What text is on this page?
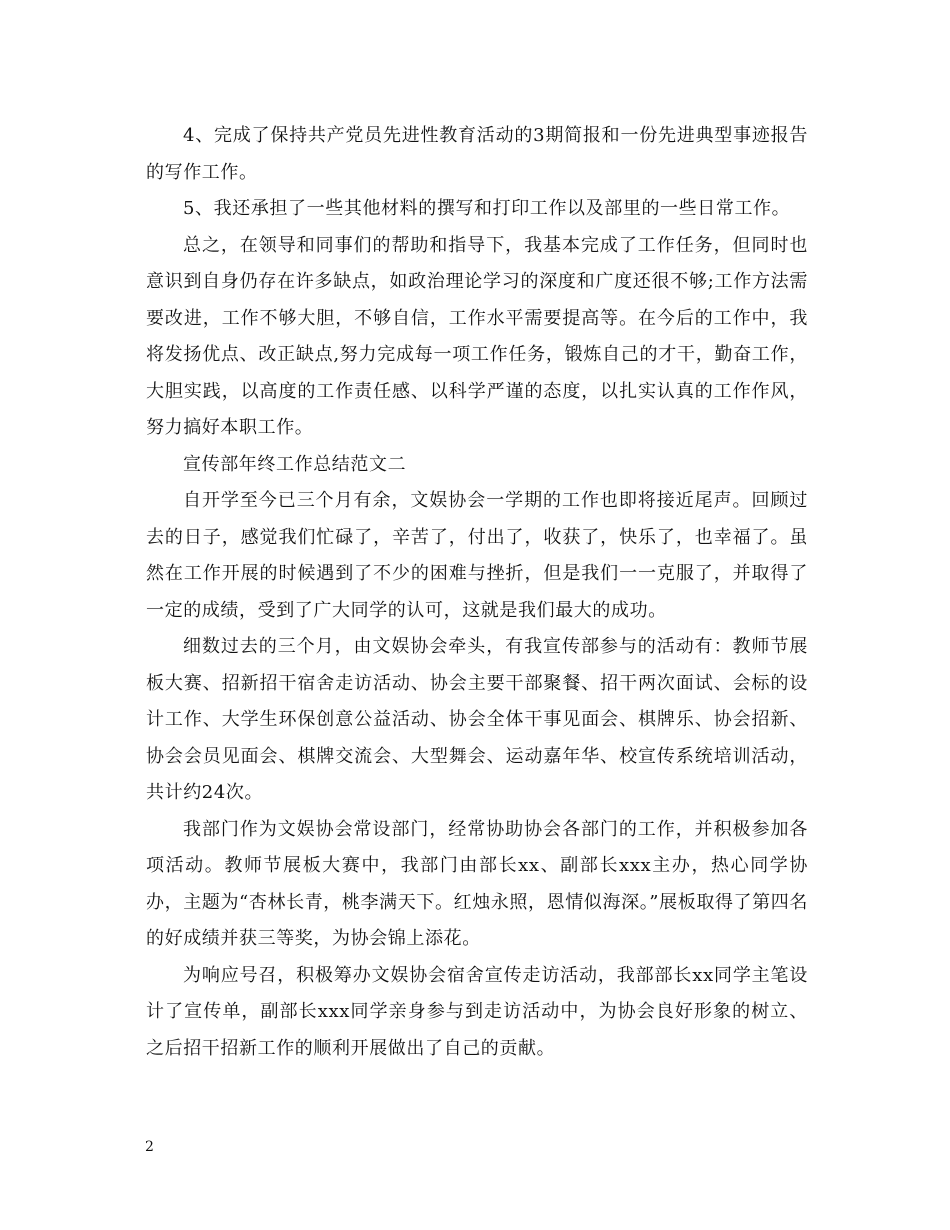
4、完成了保持共产党员先进性教育活动的3期简报和一份先进典型事迹报告的写作工作。

5、我还承担了一些其他材料的撰写和打印工作以及部里的一些日常工作。

总之，在领导和同事们的帮助和指导下，我基本完成了工作任务，但同时也意识到自身仍存在许多缺点，如政治理论学习的深度和广度还很不够;工作方法需要改进，工作不够大胆，不够自信，工作水平需要提高等。在今后的工作中，我将发扬优点、改正缺点,努力完成每一项工作任务，锻炼自己的才干，勤奋工作，大胆实践，以高度的工作责任感、以科学严谨的态度，以扎实认真的工作作风，努力搞好本职工作。

宣传部年终工作总结范文二

自开学至今已三个月有余，文娱协会一学期的工作也即将接近尾声。回顾过去的日子，感觉我们忙碌了，辛苦了，付出了，收获了，快乐了，也幸福了。虽然在工作开展的时候遇到了不少的困难与挫折，但是我们一一克服了，并取得了一定的成绩，受到了广大同学的认可，这就是我们最大的成功。

细数过去的三个月，由文娱协会牵头，有我宣传部参与的活动有：教师节展板大赛、招新招干宿舍走访活动、协会主要干部聚餐、招干两次面试、会标的设计工作、大学生环保创意公益活动、协会全体干事见面会、棋牌乐、协会招新、协会会员见面会、棋牌交流会、大型舞会、运动嘉年华、校宣传系统培训活动，共计约24次。

我部门作为文娱协会常设部门，经常协助协会各部门的工作，并积极参加各项活动。教师节展板大赛中，我部门由部长xx、副部长xxx主办，热心同学协办，主题为“杏林长青，桃李满天下。红烛永照，恩情似海深。”展板取得了第四名的好成绩并获三等奖，为协会锦上添花。

为响应号召，积极筹办文娱协会宿舍宣传走访活动，我部部长xx同学主笔设计了宣传单，副部长xxx同学亲身参与到走访活动中，为协会良好形象的树立、之后招干招新工作的顺利开展做出了自己的贡献。

2
